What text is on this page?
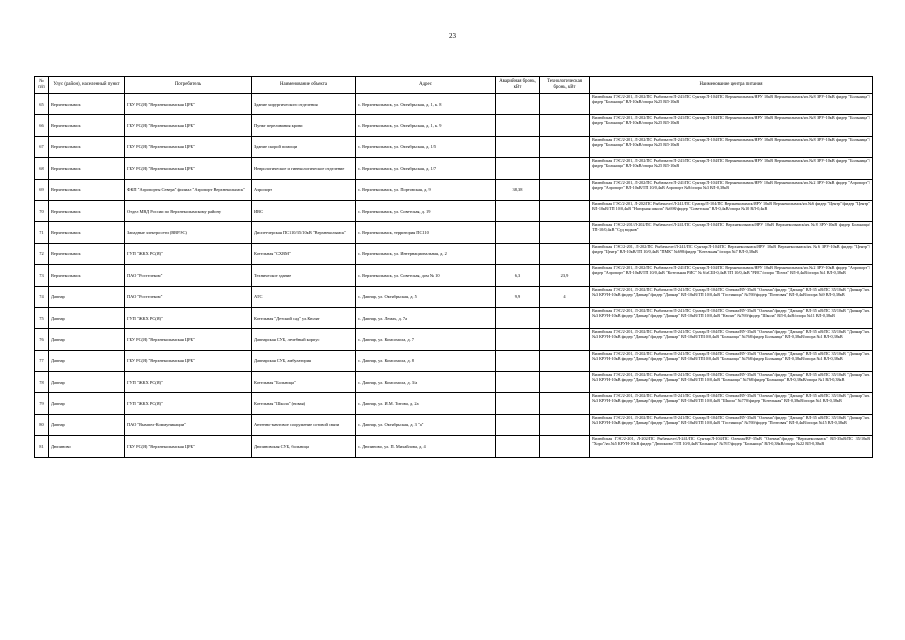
23
№ п/п	Улус (район), населенный пункт	Потребитель	Наименование объекта	Адрес	Аварийная бронь, кВт	Технологическая бронь, кВт	Наименование центра питания
65	Верхнеколымск	ГБУ РС(Я) "Верхнеколымская ЦРБ"	Здание хирургического отделения	с. Верхнеколымск, ул. Октябрьская, д. 1, к. 8			Вилюйская ГЭС/2-201, Л-202/ПС Рыбачьелт/Л-241/ПС Сунтар/Л-104/ПС Верхнеколымск/ЯРУ 10кВ Верхнеколымск/яч.№8 ЗРУ-10кВ фидер "Больница"/фидер "Больница" ВЛ-10кВ/опора №25 ВЛ-10кВ
66	Верхнеколымск	ГБУ РС(Я) "Верхнеколымская ЦРБ"	Пункт переливания крови	с. Верхнеколымск, ул. Октябрьская, д. 1, к. 9			Вилюйская ГЭС/2-201, Л-202/ПС Рыбачьелт/Л-241/ПС Сунтар/Л-104/ПС Верхнеколымск/ЯРУ 10кВ Верхнеколымск/яч.№8 ЗРУ-10кВ фидер "Больница"/фидер "Больница" ВЛ-10кВ/опора №25 ВЛ-10кВ
67	Верхнеколымск	ГБУ РС(Я) "Верхнеколымская ЦРБ"	Здание скорой помощи	с. Верхнеколымск, ул. Октябрьская, д. 1/5			Вилюйская ГЭС/2-201, Л-202/ПС Рыбачьелт/Л-241/ПС Сунтар/Л-104/ПС Верхнеколымск/ЯРУ 10кВ Верхнеколымск/яч.№8 ЗРУ-10кВ фидер "Больница"/фидер "Больница" ВЛ-10кВ/опора №25 ВЛ-10кВ
68	Верхнеколымск	ГБУ РС(Я) "Верхнеколымская ЦРБ"	Неврологическое и гинекологическое отделение	с. Верхнеколымск, ул. Октябрьская, д. 1/7			Вилюйская ГЭС/2-201, Л-202/ПС Рыбачьелт/Л-241/ПС Сунтар/Л-104/ПС Верхнеколымск/ЯРУ 10кВ Верхнеколымск/яч.№8 ЗРУ-10кВ фидер "Больница"/фидер "Больница" ВЛ-10кВ/опора №25 ВЛ-10кВ
69	Верхнеколымск	ФКП "Аэропорты Севера" филиал "Аэропорт Верхнеколымск"	Аэропорт	с. Верхнеколымск, ул. Портовская, д. 9	38,38		Вилюйская ГЭС/2-201, Л-202/ПС Рыбачьелт/Л-241/ПС Сунтар/Л-104/ПС Верхнеколымск/ЯРУ 10кВ Верхнеколымск/яч.№2 ЗРУ-10кВ фидер "Аэропорт"/фидер "Аэропорт" ВЛ-10кВ/ТП 10/0,4кВ Аэропорт №8/опора №3 ВЛ-0,38кВ
70	Верхнеколымск	Отдел МВД России по Верхнеколымскому району	ИВС	с. Верхнеколымск, ул. Советская, д. 19			Вилюйская ГЭС/2-201, Л-202/ПС Рыбачьелт/Л-241/ПС Сунтар/Л-104/ПС Верхнеколымск/ЯРУ 10кВ Верхнеколымск/яч.№6 фидер "Центр"/фидер "Центр" ВЛ-10кВ/ТП 10/0,4кВ "Нагорная школа" №698/фидер "Советская" ВЛ-0,4кВ/опора №10 ВЛ-0,4кВ
71	Верхнеколымск	Западные электросети (ВВРЭС)	Диспетчерская ПС110/35/10кВ "Верхнеколымск"	с. Верхнеколымск, территория ПС110			Вилюйская ГЭС/2-201/Л-202/ПС Рыбачьелт/Л-241/ПС Сунтар/Л-104/ПС Верхнеколымск/ЯРУ 10кВ Верхнеколымск/яч.№8 ЗРУ-10кВ фидер Больница/ТП-10/0,4кВ "Суд водков"
72	Верхнеколымск	ГУП "ЖКХ РС(Я)"	Котельная "СХВМ"	с. Верхнеколымск, ул. Интернациональная, д. 2			Вилюйская ГЭС/2-201, Л-202/ПС Рыбачьелт/Л-241/ПС Сунтар/Л-104/ПС Верхнеколымск/ЯРУ 10кВ Верхнеколымск/яч.№6 ЗРУ-10кВ фидер "Центр"/фидер "Центр" ВЛ-10кВ/ТП 10/0,4кВ "ПМК" №698/фидер "Котельная"/опора №7 ВЛ-0,38кВ
73	Верхнеколымск	ПАО "Ростелеком"	Техническое здание	с. Верхнеколымск, ул. Советская, дом № 10	6,3	23,9	Вилюйская ГЭС/2-201, Л-202/ПС Рыбачьелт/Л-241/ПС Сунтар/Л-104/ПС Верхнеколымск/ЯРУ 10кВ Верхнеколымск/яч.№2 ЗРУ-10кВ фидер "Аэропорт"/фидер "Аэропорт" ВЛ-10кВ/ТП 10/0,4кВ "Котельная РИС" № 6/аСШ-0,4кВ ТП 10/0,4кВ "РИС"/опора "Почта" ВЛ-0,4кВ/опора №1 ВЛ-0,38кВ
74	Дапнар	ПАО "Ростелеком"	АТС	с. Дапнар, ул. Октябрьская, д. 5	9,9	4	Вилюйская ГЭС/2-201, Л-202/ПС Рыбачьелт/Л-241/ПС Сунтар/Л-104/ПС Олекма/ВУ-35кВ "Олекма"/фидер "Дапнар" ВЛ-35 кВ/ПС 35/10кВ "Дапнар"/яч.№3 КРУН-10кВ фидер "Дапнар"/фидер "Дапнар" ВЛ-10кВ/ТП 10/0,4кВ "Гостиница" №769/фидер "Почтовая" ВЛ-0,4кВ/опора №9 ВЛ-0,38кВ
75	Дапнар	ГУП "ЖКХ РС(Я)"	Котельная "Детский сад" ул.Кюлят	с. Дапнар, ул. Лемах, д. 7а			Вилюйская ГЭС/2-201, Л-202/ПС Рыбачьелт/Л-241/ПС Сунтар/Л-104/ПС Олекма/ВУ-35кВ "Олекма"/фидер "Дапнар" ВЛ-35 кВ/ПС 35/10кВ "Дапнар"/яч.№3 КРУН-10кВ фидер "Дапнар"/фидер "Дапнар" ВЛ-10кВ/ТП 10/0,4кВ "Кюлят" №769/фидер "Школа" ВЛ-0,4кВ/опора №11 ВЛ-0,38кВ
76	Дапнар	ГБУ РС(Я) "Верхнеколымская ЦРБ"	Дапнарская СУБ, лечебный корпус	с. Дапнар, ул. Комсомола, д. 7			Вилюйская ГЭС/2-201, Л-202/ПС Рыбачьелт/Л-241/ПС Сунтар/Л-104/ПС Олекма/ВУ-35кВ "Олекма"/фидер "Дапнар" ВЛ-35 кВ/ПС 35/10кВ "Дапнар"/яч.№3 КРУН-10кВ фидер "Дапнар"/фидер "Дапнар" ВЛ-10кВ/ТП10/0,4кВ "Больница" №768/фидер Больница" ВЛ-0,38кВ/опора №1 ВЛ-0,38кВ
77	Дапнар	ГБУ РС(Я) "Верхнеколымская ЦРБ"	Дапнарская СУБ, амбулатория	с. Дапнар, ул. Комсомола, д. 8			Вилюйская ГЭС/2-201, Л-202/ПС Рыбачьелт/Л-241/ПС Сунтар/Л-104/ПС Олекма/ВУ-35кВ "Олекма"/фидер "Дапнар" ВЛ-35 кВ/ПС 35/10кВ "Дапнар"/яч.№3 КРУН-10кВ фидер "Дапнар"/фидер "Дапнар" ВЛ-10кВ/ТП10/0,4кВ "Больница" №768/фидер Больница" ВЛ-0,38кВ/опора №1 ВЛ-0,38кВ
78	Дапнар	ГУП "ЖКХ РС(Я)"	Котельная "Больница"	с. Дапнар, ул. Комсомола, д. 3/а			Вилюйская ГЭС/2-201, Л-202/ПС Рыбачьелт/Л-241/ПС Сунтар/Л-104/ПС Олекма/ВУ-35кВ "Олекма"/фидер "Дапнар" ВЛ-35 кВ/ПС 35/10кВ "Дапнар"/яч.№3 КРУН-10кВ фидер "Дапнар"/фидер "Дапнар" ВЛ-10кВ/ТП 10/0,4кВ "Больница" №768/фидер"Больница" ВЛ-0,38кВ/опора №1 ВЛ-0,38кВ
79	Дапнар	ГУП "ЖКХ РС(Я)"	Котельная "Школа" (новая)	с. Дапнар, ул. И.М. Титова, д. 2а			Вилюйская ГЭС/2-201, Л-202/ПС Рыбачьелт/Л-241/ПС Сунтар/Л-104/ПС Олекма/ВУ-35кВ "Олекма"/фидер "Дапнар" ВЛ-35 кВ/ПС 35/10кВ "Дапнар"/яч.№3 КРУН-10кВ фидер "Дапнар"/фидер "Дапнар" ВЛ-10кВ/ТП 10/0,4кВ "Школа" №770/фидер "Котельная" ВЛ-0,38кВ/опора №1 ВЛ-0,38кВ
80	Дапнар	ПАО "Вымпел-Коммуникации"	Антенно-мачтовое сооружение сотовой связи	с. Дапнар, ул. Октябрьская, д. 3 "а"			Вилюйская ГЭС/2-201, Л-202/ПС Рыбачьелт/Л-241/ПС Сунтар/Л-104/ПС Олекма/ВУ-35кВ "Олекма"/фидер "Дапнар" ВЛ-35 кВ/ПС 35/10кВ "Дапнар"/яч.№3 КРУН-10кВ фидер "Дапнар"/фидер "Дапнар" ВЛ-10кВ/ТП 10/0,4кВ "Гостиница" №769/фидер "Почтовая" ВЛ-0,4кВ/опора №15 ВЛ-0,38кВ
81	Дюпиново	ГБУ РС(Я) "Верхнеколымская ЦРБ"	Дюпиновская СУБ, больница	с. Дюпиново, ул. П. Михайлова, д. 4			Вилюйская ГЭС/2-201, Л-202/ПС Рыбачьелт/Л-241/ПС Сунтар/Л-104/ПС Олекма/ВУ-35кВ "Олекма"/фидер "Верхнеколымск" ВЛ-35кВ/ПС 35/10кВ "Хоро"/яч.№5 КРУН-10кВ фидер "Дюпиново"/ТП 10/0,4кВ"Больница" №767/фидер "Больница" ВЛ-0,38кВ/опора №22 ВЛ-0,38кВ
